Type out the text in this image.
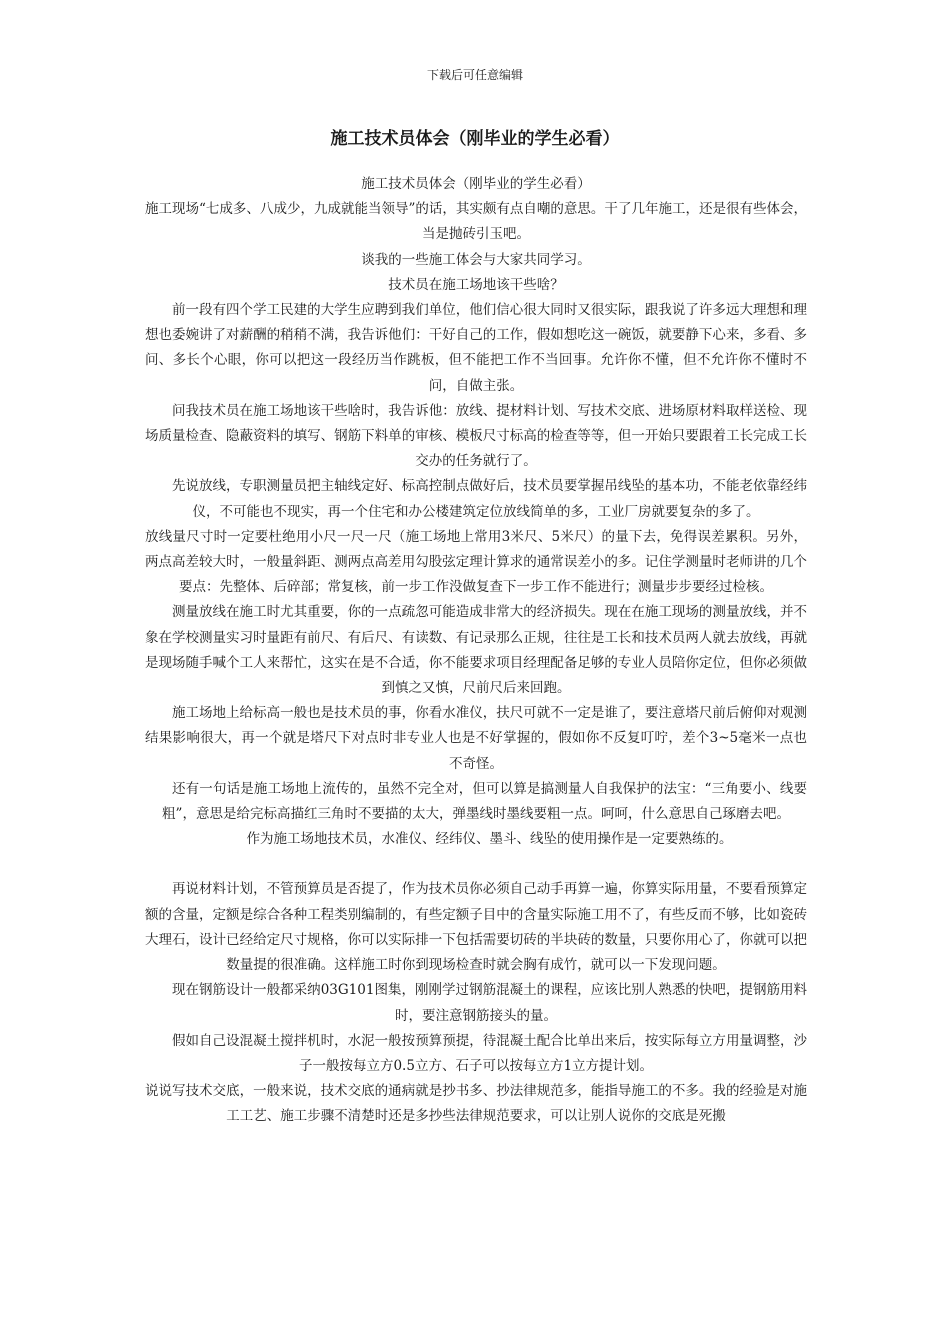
下载后可任意编辑
施工技术员体会（刚毕业的学生必看）

施工技术员体会（刚毕业的学生必看）

施工现场“七成多、八成少，九成就能当领导”的话，其实颇有点自嘲的意思。干了几年施工，还是很有些体会，当是抛砖引玉吧。

谈我的一些施工体会与大家共同学习。

技术员在施工场地该干些啥？

前一段有四个学工民建的大学生应聘到我们单位，他们信心很大同时又很实际，跟我说了许多远大理想和理想也委婉讲了对薪酬的稍稍不满，我告诉他们：干好自己的工作，假如想吃这一碗饭，就要静下心来，多看、多问、多长个心眼，你可以把这一段经历当作跳板，但不能把工作不当回事。允许你不懂，但不允许你不懂时不问，自做主张。

问我技术员在施工场地该干些啥时，我告诉他：放线、提材料计划、写技术交底、进场原材料取样送检、现场质量检查、隐蔽资料的填写、钢筋下料单的审核、模板尺寸标高的检查等等，但一开始只要跟着工长完成工长交办的任务就行了。

先说放线，专职测量员把主轴线定好、标高控制点做好后，技术员要掌握吊线坠的基本功，不能老依靠经纬仪，不可能也不现实，再一个住宅和办公楼建筑定位放线简单的多，工业厂房就要复杂的多了。

放线量尺寸时一定要杜绝用小尺一尺一尺（施工场地上常用3米尺、5米尺）的量下去，免得误差累积。另外，两点高差较大时，一般量斜距、测两点高差用勾股弦定理计算求的通常误差小的多。记住学测量时老师讲的几个要点：先整体、后碎部；常复核，前一步工作没做复查下一步工作不能进行；测量步步要经过检核。

测量放线在施工时尤其重要，你的一点疏忽可能造成非常大的经济损失。现在在施工现场的测量放线，并不象在学校测量实习时量距有前尺、有后尺、有读数、有记录那么正规，往往是工长和技术员两人就去放线，再就是现场随手喊个工人来帮忙，这实在是不合适，你不能要求项目经理配备足够的专业人员陪你定位，但你必须做到慎之又慎，尺前尺后来回跑。

施工场地上给标高一般也是技术员的事，你看水准仪，扶尺可就不一定是谁了，要注意塔尺前后俯仰对观测结果影响很大，再一个就是塔尺下对点时非专业人也是不好掌握的，假如你不反复叮咛，差个3~5毫米一点也不奇怪。

还有一句话是施工场地上流传的，虽然不完全对，但可以算是搞测量人自我保护的法宝：“三角要小、线要粗”，意思是给完标高描红三角时不要描的太大，弹墨线时墨线要粗一点。呵呵，什么意思自己琢磨去吧。

作为施工场地技术员，水准仪、经纬仪、墨斗、线坠的使用操作是一定要熟练的。

再说材料计划，不管预算员是否提了，作为技术员你必须自己动手再算一遍，你算实际用量，不要看预算定额的含量，定额是综合各种工程类别编制的，有些定额子目中的含量实际施工用不了，有些反而不够，比如瓷砖大理石，设计已经给定尺寸规格，你可以实际排一下包括需要切砖的半块砖的数量，只要你用心了，你就可以把数量提的很准确。这样施工时你到现场检查时就会胸有成竹，就可以一下发现问题。

现在钢筋设计一般都采纳03G101图集，刚刚学过钢筋混凝土的课程，应该比别人熟悉的快吧，提钢筋用料时，要注意钢筋接头的量。

假如自己设混凝土搅拌机时，水泥一般按预算预提，待混凝土配合比单出来后，按实际每立方用量调整，沙子一般按每立方0.5立方、石子可以按每立方1立方提计划。

说说写技术交底，一般来说，技术交底的通病就是抄书多、抄法律规范多，能指导施工的不多。我的经验是对施工工艺、施工步骤不清楚时还是多抄些法律规范要求，可以让别人说你的交底是死搬
